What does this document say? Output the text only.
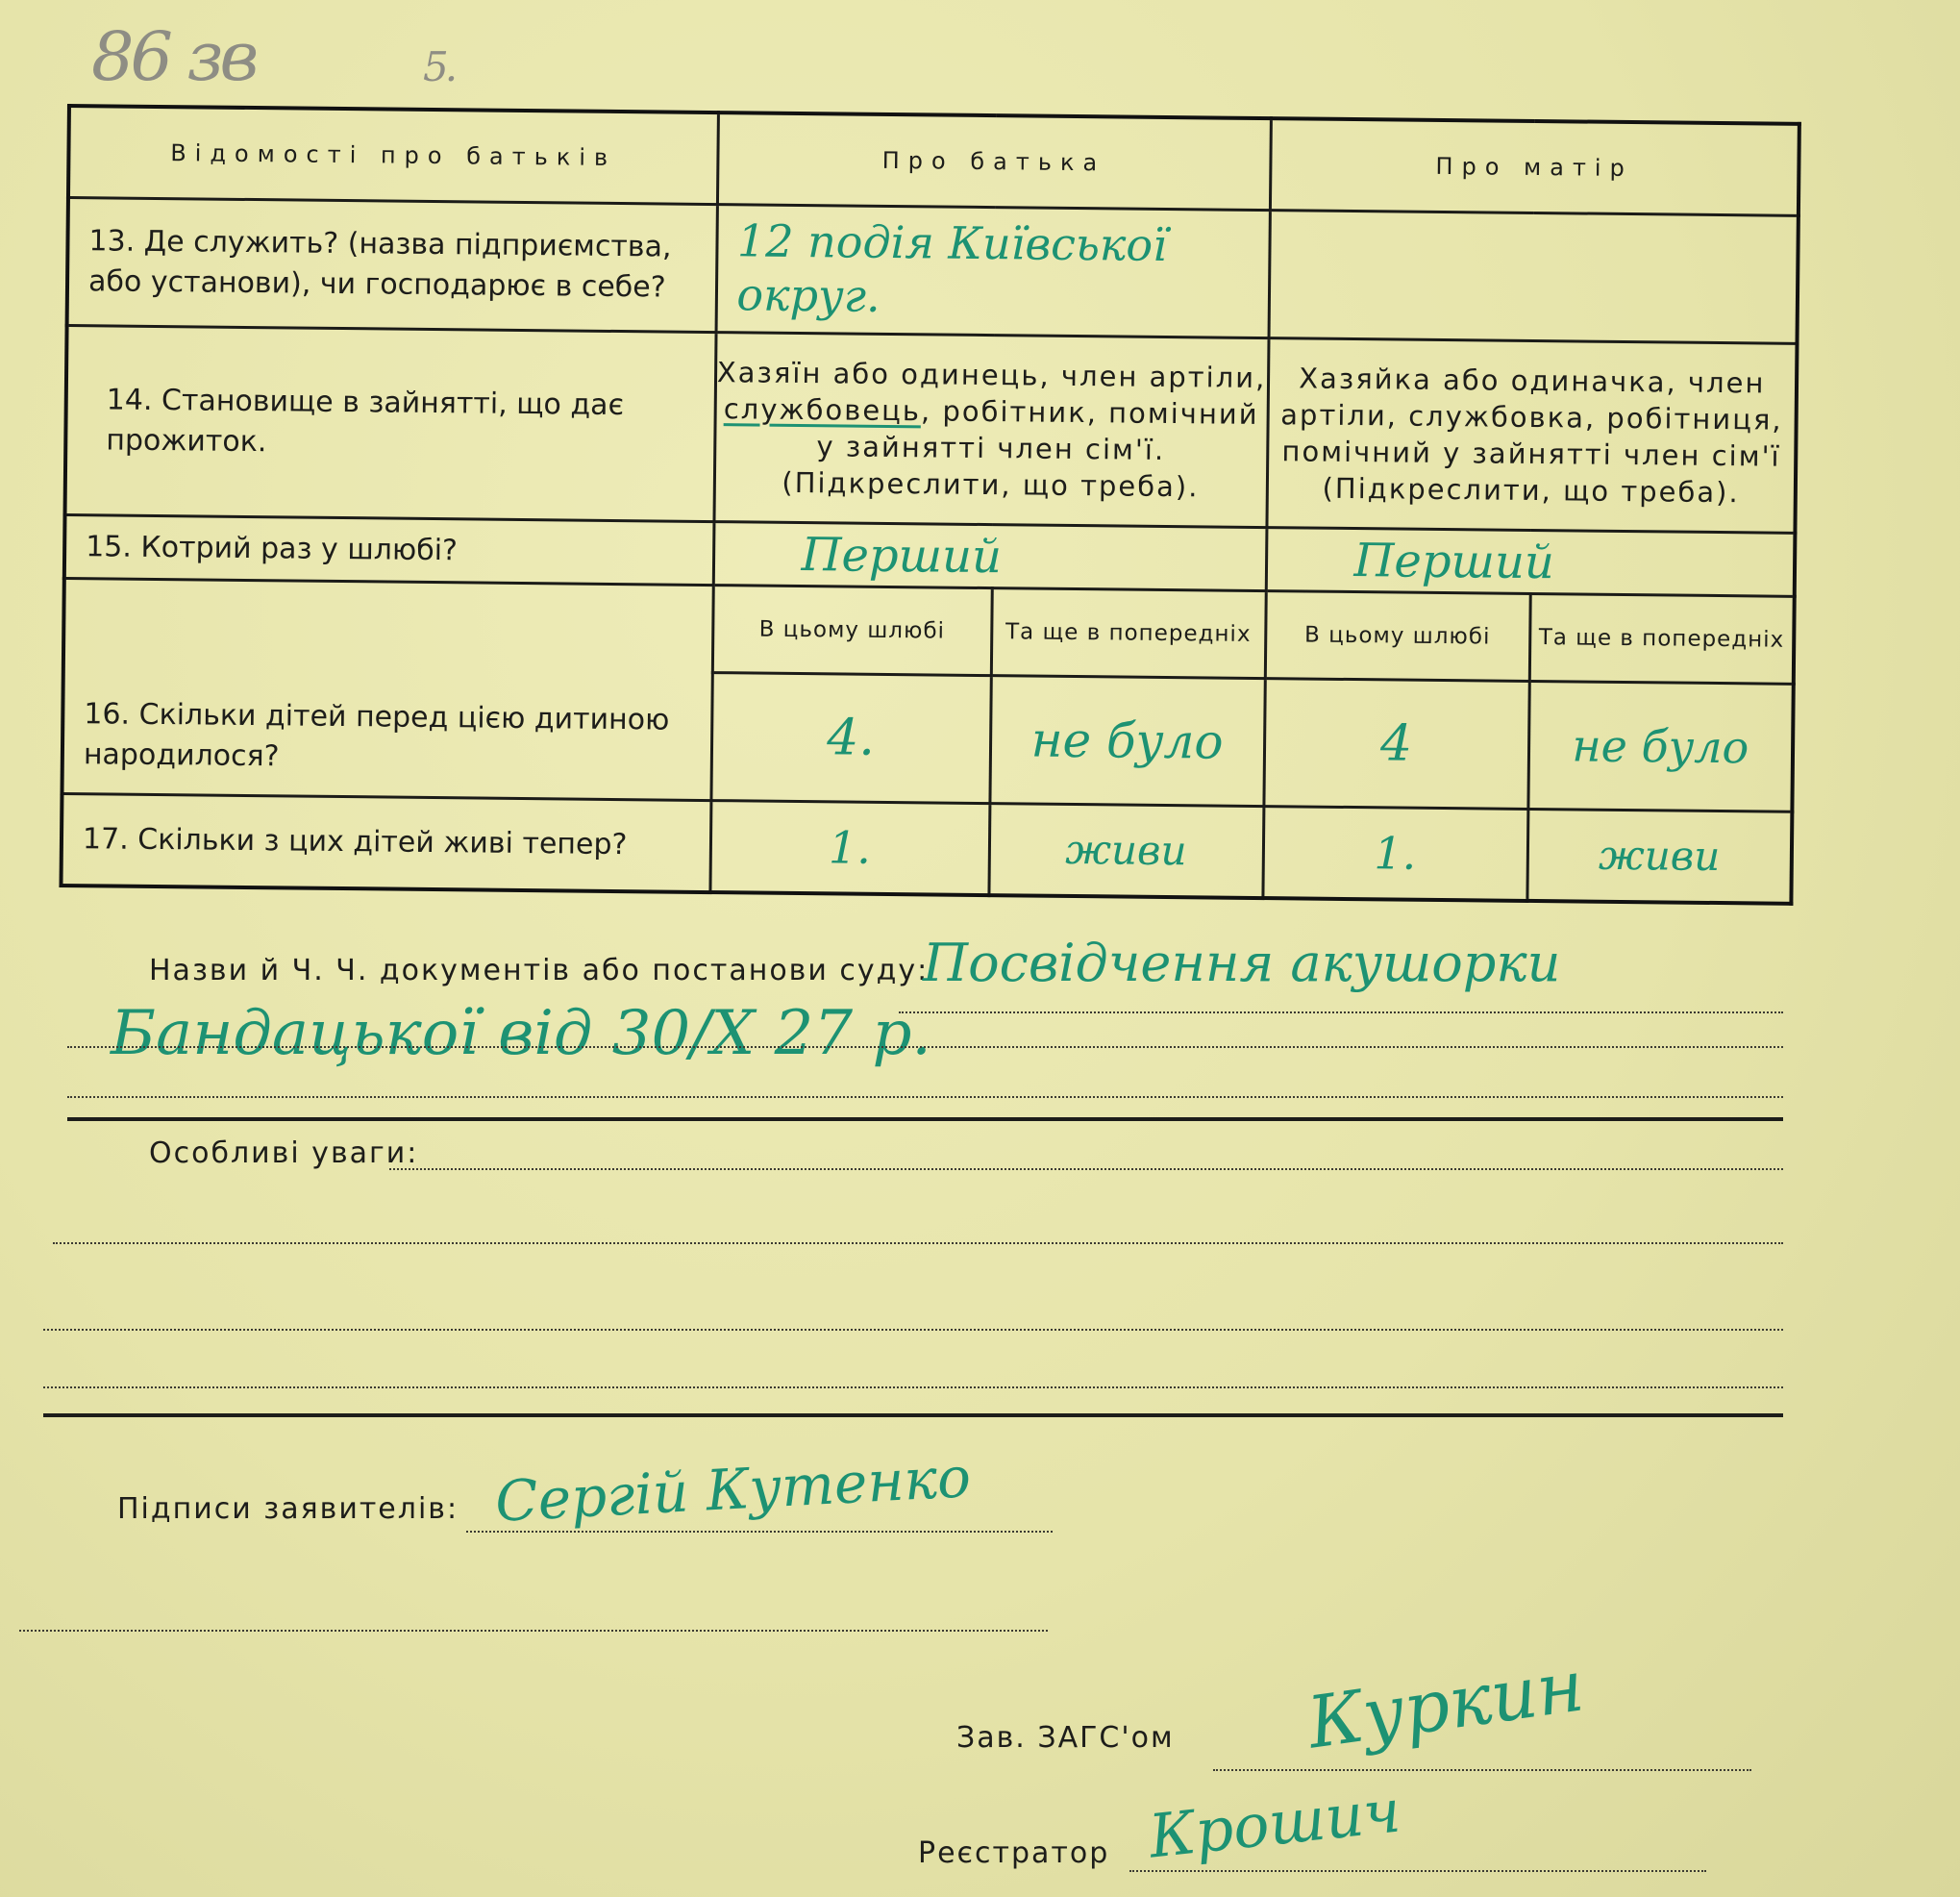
86 зв	5.
Відомості про батьків	Про батька		Про матір	
13. Де служить? (назва підприємства, або установи), чи господарює в себе?	12 подія Київської округ.			

14. Становище в зайнятті, що дає прожиток.	Хазяїн або одинець, член артіли, службовець, робітник, помічний у зайнятті член сім'ї. (Підкреслити, що треба).		Хазяйка або одиначка, член артіли, службовка, робітниця, помічний у зайнятті член сім'ї (Підкреслити, що треба).	
15. Котрий раз у шлюбі?	Перший		Перший	
16. Скільки дітей перед цією дитиною народилося?	В цьому шлюбі	Та ще в попередніх	В цьому шлюбі	Та ще в попередніх
	4.	не було	4	не було
17. Скільки з цих дітей живі тепер?	1.	живи	1.	живи
Назви й Ч. Ч. документів або постанови суду:
Посвідчення акушорки
Бандацької від 30/X 27 р.
Особливі уваги:
Підписи заявителів: Сергій Кутенко
Зав. ЗАГС'ом Куркин
Реєстратор Крошич
